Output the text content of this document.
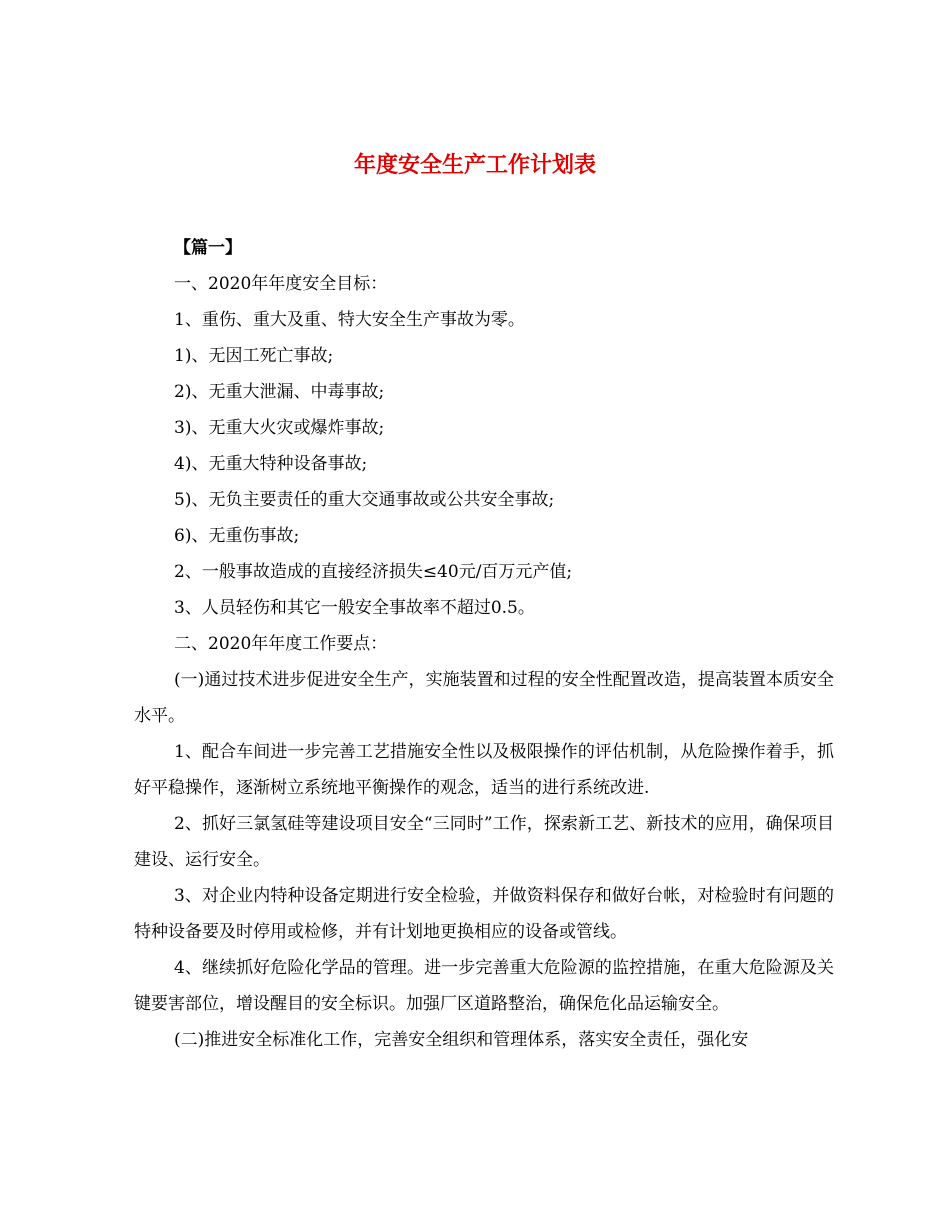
年度安全生产工作计划表

【篇一】

一、2020年年度安全目标：

1、重伤、重大及重、特大安全生产事故为零。

1)、无因工死亡事故;

2)、无重大泄漏、中毒事故;

3)、无重大火灾或爆炸事故;

4)、无重大特种设备事故;

5)、无负主要责任的重大交通事故或公共安全事故;

6)、无重伤事故;

2、一般事故造成的直接经济损失≤40元/百万元产值;

3、人员轻伤和其它一般安全事故率不超过0.5。

二、2020年年度工作要点：

(一)通过技术进步促进安全生产，实施装置和过程的安全性配置改造，提高装置本质安全水平。

1、配合车间进一步完善工艺措施安全性以及极限操作的评估机制，从危险操作着手，抓好平稳操作，逐渐树立系统地平衡操作的观念，适当的进行系统改进.

2、抓好三氯氢硅等建设项目安全“三同时”工作，探索新工艺、新技术的应用，确保项目建设、运行安全。

3、对企业内特种设备定期进行安全检验，并做资料保存和做好台帐，对检验时有问题的特种设备要及时停用或检修，并有计划地更换相应的设备或管线。

4、继续抓好危险化学品的管理。进一步完善重大危险源的监控措施，在重大危险源及关键要害部位，增设醒目的安全标识。加强厂区道路整治，确保危化品运输安全。

(二)推进安全标准化工作，完善安全组织和管理体系，落实安全责任，强化安
